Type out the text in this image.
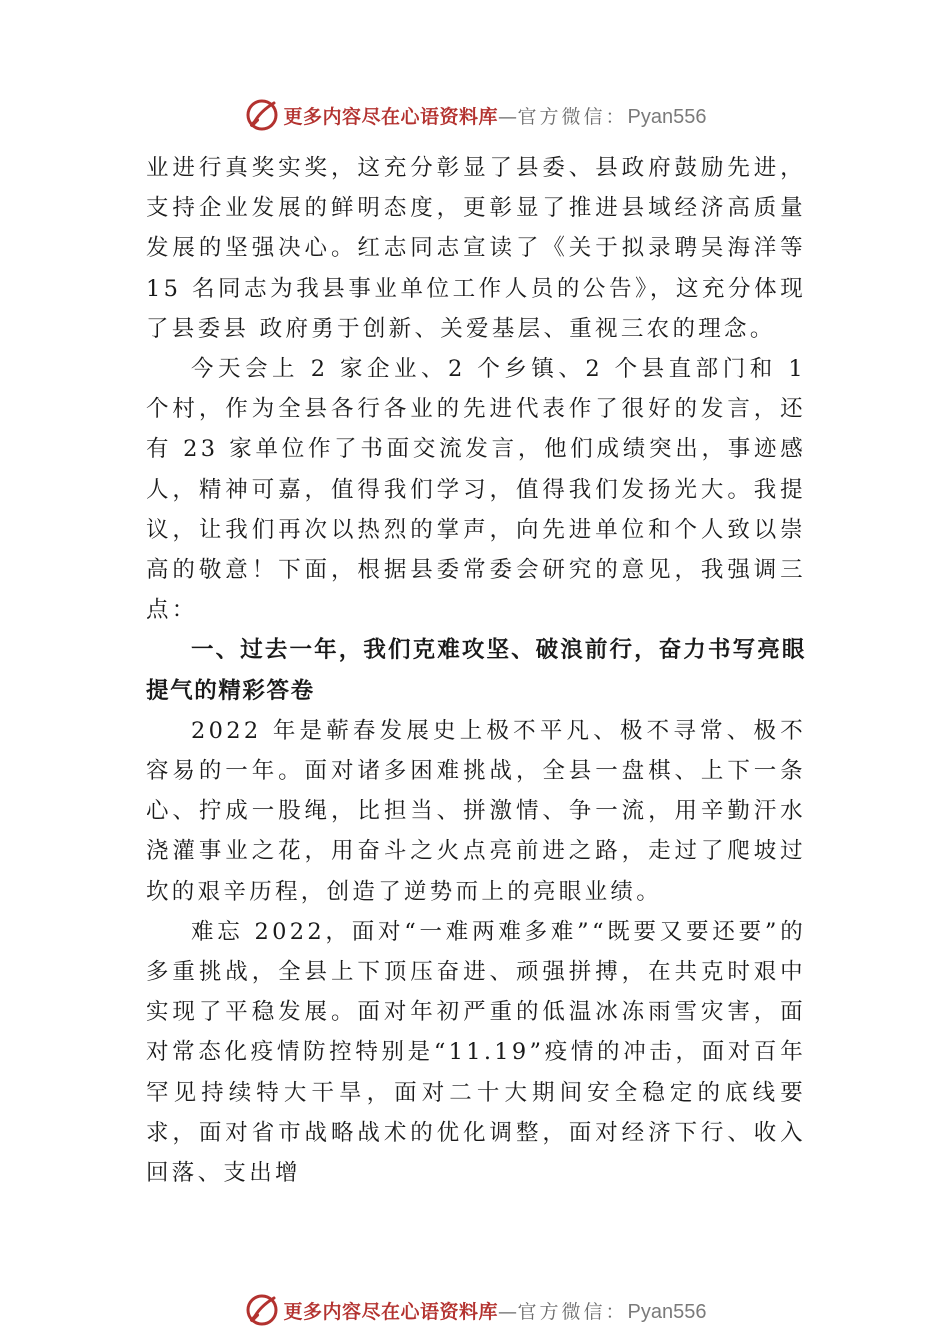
更多内容尽在心语资料库—官方微信：Pyan556

业进行真奖实奖，这充分彰显了县委、县政府鼓励先进，支持企业发展的鲜明态度，更彰显了推进县域经济高质量发展的坚强决心。红志同志宣读了《关于拟录聘吴海洋等 15 名同志为我县事业单位工作人员的公告》，这充分体现了县委县 政府勇于创新、关爱基层、重视三农的理念。

今天会上 2 家企业、2 个乡镇、2 个县直部门和 1 个村，作为全县各行各业的先进代表作了很好的发言，还有 23 家单位作了书面交流发言，他们成绩突出，事迹感人，精神可嘉，值得我们学习，值得我们发扬光大。我提议，让我们再次以热烈的掌声，向先进单位和个人致以崇高的敬意！下面，根据县委常委会研究的意见，我强调三点：

一、过去一年，我们克难攻坚、破浪前行，奋力书写亮眼提气的精彩答卷

2022 年是蕲春发展史上极不平凡、极不寻常、极不容易的一年。面对诸多困难挑战，全县一盘棋、上下一条心、拧成一股绳，比担当、拼激情、争一流，用辛勤汗水浇灌事业之花，用奋斗之火点亮前进之路，走过了爬坡过坎的艰辛历程，创造了逆势而上的亮眼业绩。

难忘 2022，面对“一难两难多难”“既要又要还要”的多重挑战，全县上下顶压奋进、顽强拼搏，在共克时艰中实现了平稳发展。面对年初严重的低温冰冻雨雪灾害，面对常态化疫情防控特别是“11.19”疫情的冲击，面对百年罕见持续特大干旱，面对二十大期间安全稳定的底线要求，面对省市战略战术的优化调整，面对经济下行、收入回落、支出增

更多内容尽在心语资料库—官方微信：Pyan556
